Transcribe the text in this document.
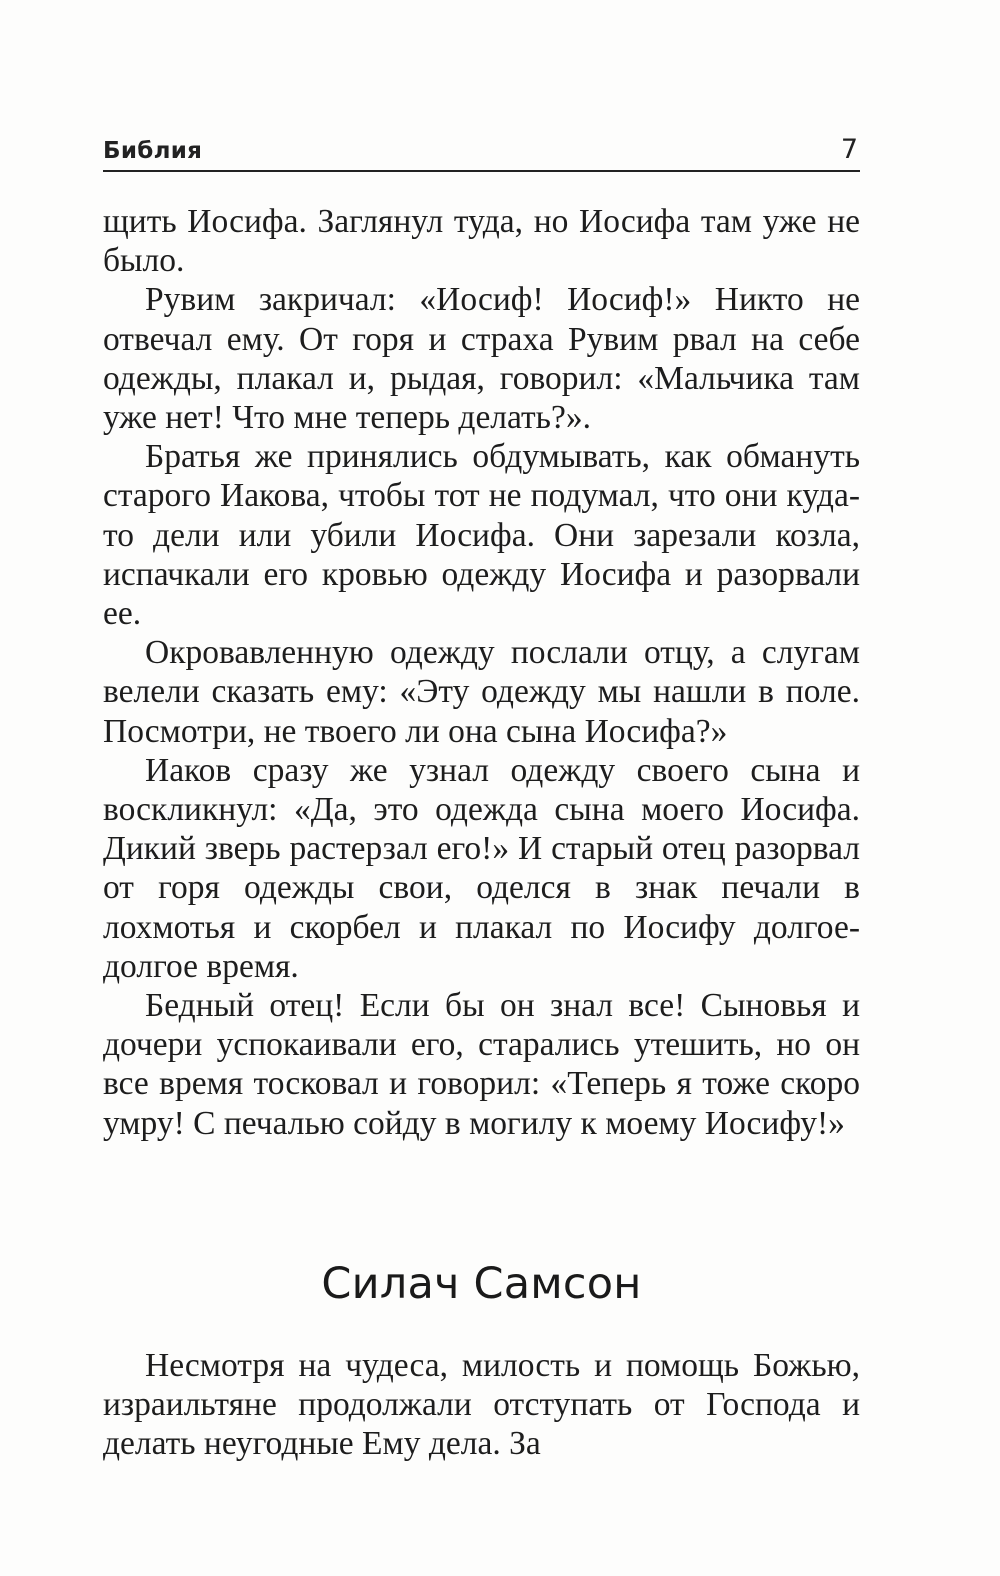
Библия	7

щить Иосифа. Заглянул туда, но Иосифа там уже не было.

Рувим закричал: «Иосиф! Иосиф!» Никто не отвечал ему. От горя и страха Рувим рвал на себе одежды, плакал и, рыдая, говорил: «Мальчика там уже нет! Что мне теперь делать?».

Братья же принялись обдумывать, как обмануть старого Иакова, чтобы тот не подумал, что они куда-то дели или убили Иосифа. Они зарезали козла, испачкали его кровью одежду Иосифа и разорвали ее.

Окровавленную одежду послали отцу, а слугам велели сказать ему: «Эту одежду мы нашли в поле. Посмотри, не твоего ли она сына Иосифа?»

Иаков сразу же узнал одежду своего сына и воскликнул: «Да, это одежда сына моего Иосифа. Дикий зверь растерзал его!» И старый отец разорвал от горя одежды свои, оделся в знак печали в лохмотья и скорбел и плакал по Иосифу долгое-долгое время.

Бедный отец! Если бы он знал все! Сыновья и дочери успокаивали его, старались утешить, но он все время тосковал и говорил: «Теперь я тоже скоро умру! С печалью сойду в могилу к моему Иосифу!»

Силач Самсон

Несмотря на чудеса, милость и помощь Божью, израильтяне продолжали отступать от Господа и делать неугодные Ему дела. За
